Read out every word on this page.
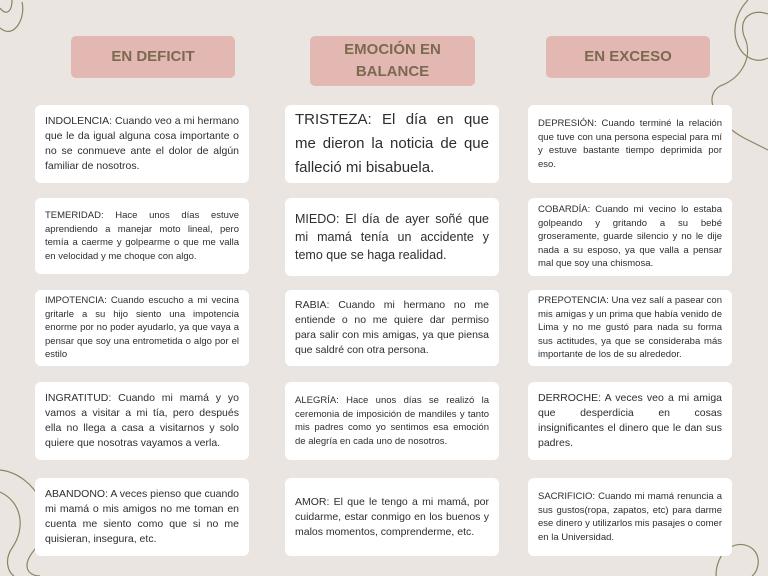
EN DEFICIT	EMOCIÓN EN BALANCE
EN EXCESO
INDOLENCIA: Cuando veo a mi hermano que le da igual alguna cosa importante o no se conmueve ante el dolor de algún familiar de nosotros.
TEMERIDAD: Hace unos días estuve aprendiendo a manejar moto lineal, pero temía a caerme y golpearme o que me valla en velocidad y me choque con algo.
IMPOTENCIA: Cuando escucho a mi vecina gritarle a su hijo siento una impotencia enorme por no poder ayudarlo, ya que vaya a pensar que soy una entrometida o algo por el estilo
INGRATITUD: Cuando mi mamá y yo vamos a visitar a mi tía, pero después ella no llega a casa a visitarnos y solo quiere que nosotras vayamos a verla.
ABANDONO: A veces pienso que cuando mi mamá o mis amigos no me toman en cuenta me siento como que si no me quisieran, insegura, etc.
TRISTEZA: El día en que me dieron la noticia de que falleció mi bisabuela.
MIEDO: El día de ayer soñé que mi mamá tenía un accidente y temo que se haga realidad.
RABIA: Cuando mi hermano no me entiende o no me quiere dar permiso para salir con mis amigas, ya que piensa que saldré con otra persona.
ALEGRÍA: Hace unos días se realizó la ceremonia de imposición de mandiles y tanto mis padres como yo sentimos esa emoción de alegría en cada uno de nosotros.
AMOR: El que le tengo a mi mamá, por cuidarme, estar conmigo en los buenos y malos momentos, comprenderme, etc.
DEPRESIÓN: Cuando terminé la relación que tuve con una persona especial para mí y estuve bastante tiempo deprimida por eso.
COBARDÍA: Cuando mi vecino lo estaba golpeando y gritando a su bebé groseramente, guarde silencio y no le dije nada a su esposo, ya que valla a pensar mal que soy una chismosa.
PREPOTENCIA: Una vez salí a pasear con mis amigas y un prima que había venido de Lima y no me gustó para nada su forma sus actitudes, ya que se consideraba más importante de los de su alrededor.
DERROCHE: A veces veo a mi amiga que desperdicia en cosas insignificantes el dinero que le dan sus padres.
SACRIFICIO: Cuando mi mamá renuncia a sus gustos(ropa, zapatos, etc) para darme ese dinero y utilizarlos mis pasajes o comer en la Universidad.
